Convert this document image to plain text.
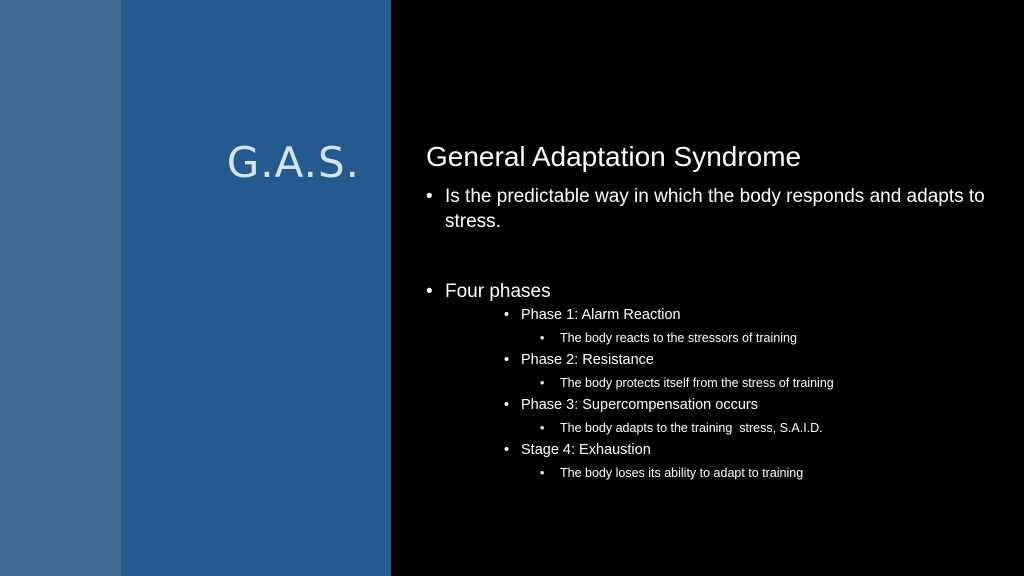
G.A.S. General Adaptation Syndrome
• Is the predictable way in which the body responds and adapts to stress.
• Four phases
• Phase 1: Alarm Reaction
• The body reacts to the stressors of training
• Phase 2: Resistance
• The body protects itself from the stress of training
• Phase 3: Supercompensation occurs
• The body adapts to the training  stress, S.A.I.D.
• Stage 4: Exhaustion
• The body loses its ability to adapt to training
